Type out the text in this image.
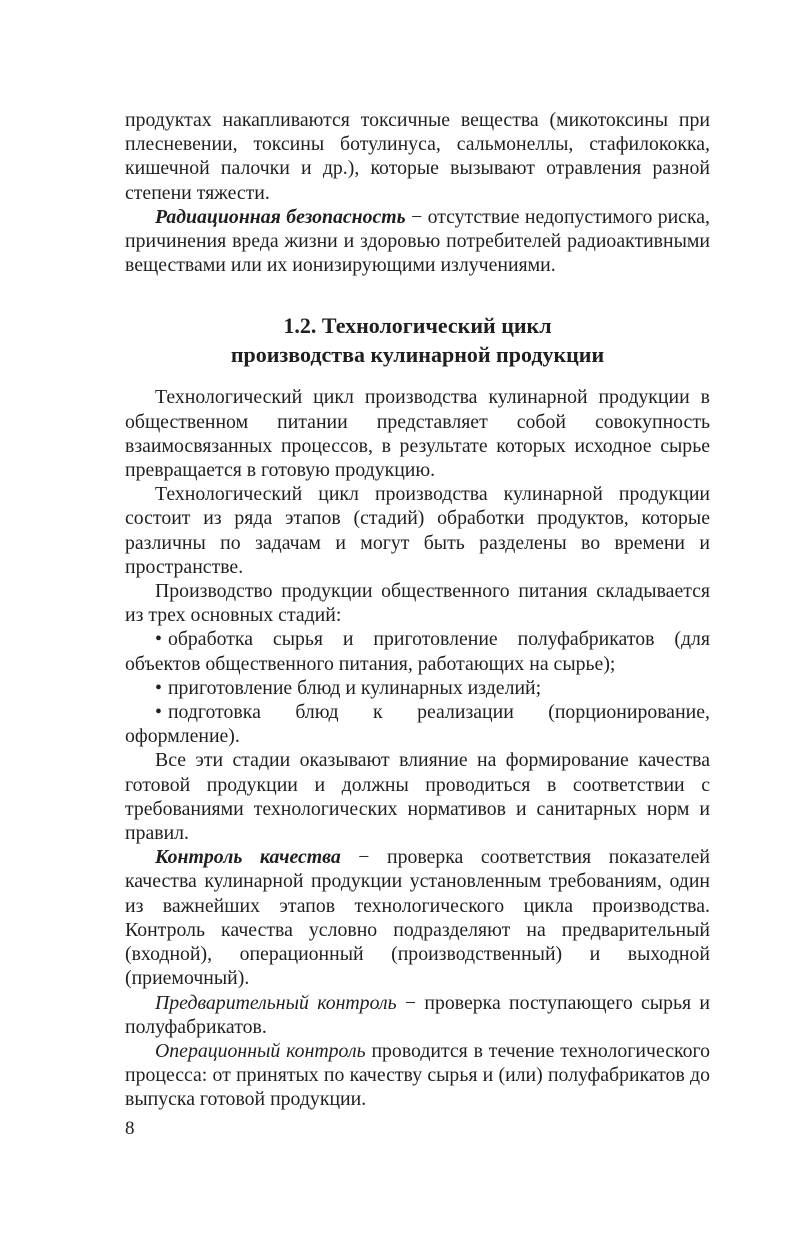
продуктах накапливаются токсичные вещества (микотоксины при плесневении, токсины ботулинуса, сальмонеллы, стафилококка, кишечной палочки и др.), которые вызывают отравления разной степени тяжести.

Радиационная безопасность − отсутствие недопустимого риска, причинения вреда жизни и здоровью потребителей радиоактивными веществами или их ионизирующими излучениями.

1.2. Технологический цикл
производства кулинарной продукции

Технологический цикл производства кулинарной продукции в общественном питании представляет собой совокупность взаимосвязанных процессов, в результате которых исходное сырье превращается в готовую продукцию.

Технологический цикл производства кулинарной продукции состоит из ряда этапов (стадий) обработки продуктов, которые различны по задачам и могут быть разделены во времени и пространстве.

Производство продукции общественного питания складывается из трех основных стадий:

• обработка сырья и приготовление полуфабрикатов (для объектов общественного питания, работающих на сырье);

• приготовление блюд и кулинарных изделий;

• подготовка блюд к реализации (порционирование, оформление).

Все эти стадии оказывают влияние на формирование качества готовой продукции и должны проводиться в соответствии с требованиями технологических нормативов и санитарных норм и правил.

Контроль качества − проверка соответствия показателей качества кулинарной продукции установленным требованиям, один из важнейших этапов технологического цикла производства. Контроль качества условно подразделяют на предварительный (входной), операционный (производственный) и выходной (приемочный).

Предварительный контроль − проверка поступающего сырья и полуфабрикатов.

Операционный контроль проводится в течение технологического процесса: от принятых по качеству сырья и (или) полуфабрикатов до выпуска готовой продукции.

8
